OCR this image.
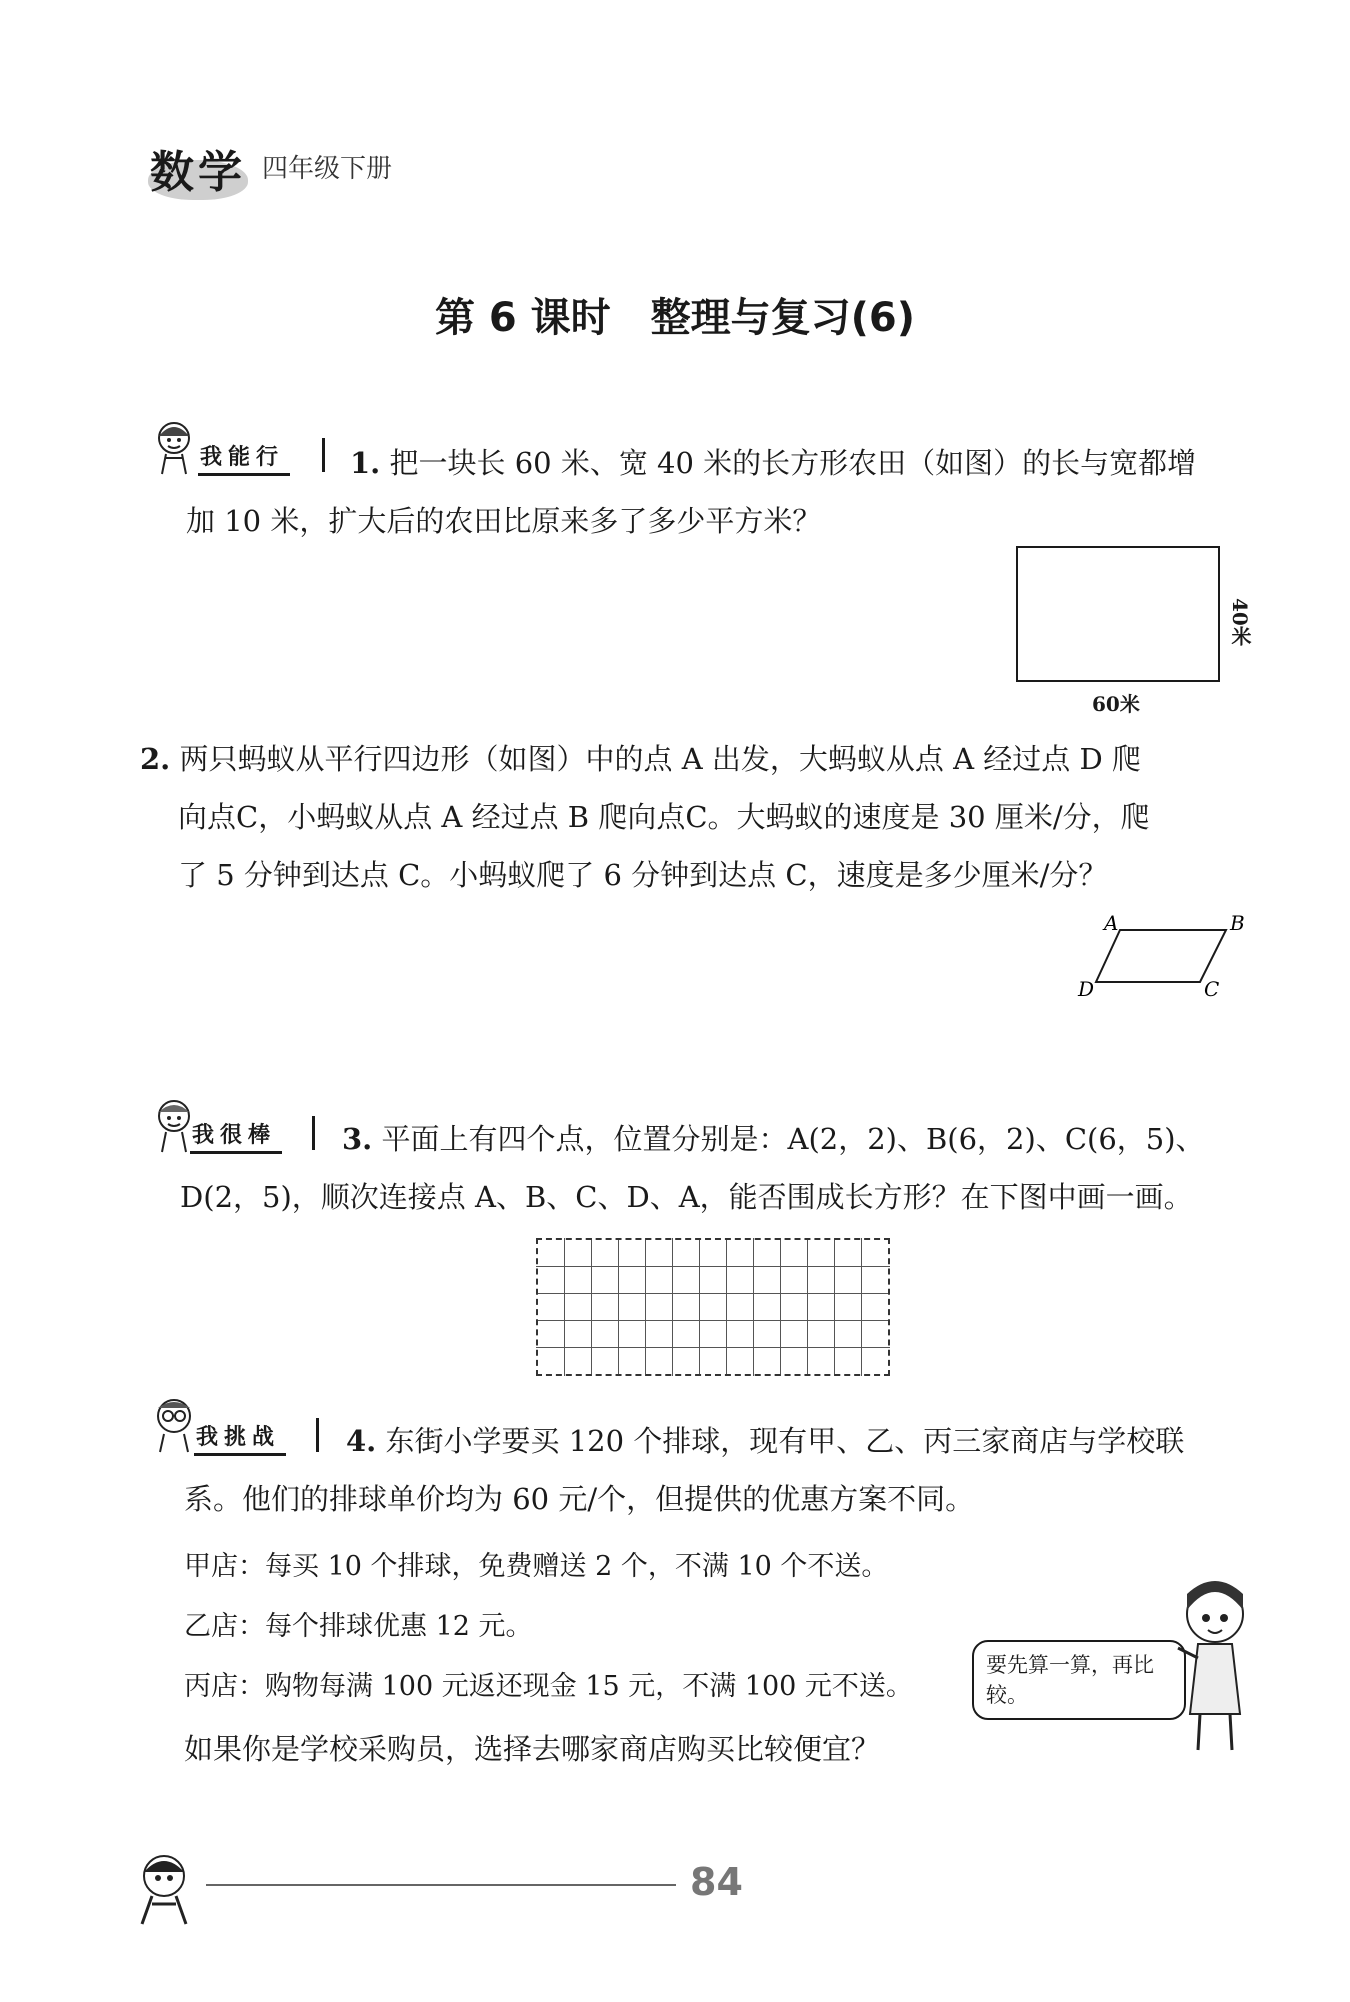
数学 四年级下册
第 6 课时　整理与复习(6)
我能行 1. 把一块长 60 米、宽 40 米的长方形农田（如图）的长与宽都增
加 10 米，扩大后的农田比原来多了多少平方米？
40米
60米
2. 两只蚂蚁从平行四边形（如图）中的点 A 出发，大蚂蚁从点 A 经过点 D 爬
向点C，小蚂蚁从点 A 经过点 B 爬向点C。大蚂蚁的速度是 30 厘米/分，爬
了 5 分钟到达点 C。小蚂蚁爬了 6 分钟到达点 C，速度是多少厘米/分？
A	B
C
D
我很棒 3. 平面上有四个点，位置分别是：A(2，2)、B(6，2)、C(6，5)、
D(2，5)，顺次连接点 A、B、C、D、A，能否围成长方形？在下图中画一画。
我挑战 4. 东街小学要买 120 个排球，现有甲、乙、丙三家商店与学校联
系。他们的排球单价均为 60 元/个，但提供的优惠方案不同。
甲店：每买 10 个排球，免费赠送 2 个，不满 10 个不送。
乙店：每个排球优惠 12 元。
丙店：购物每满 100 元返还现金 15 元，不满 100 元不送。
如果你是学校采购员，选择去哪家商店购买比较便宜？
要先算一算，再比较。
84
